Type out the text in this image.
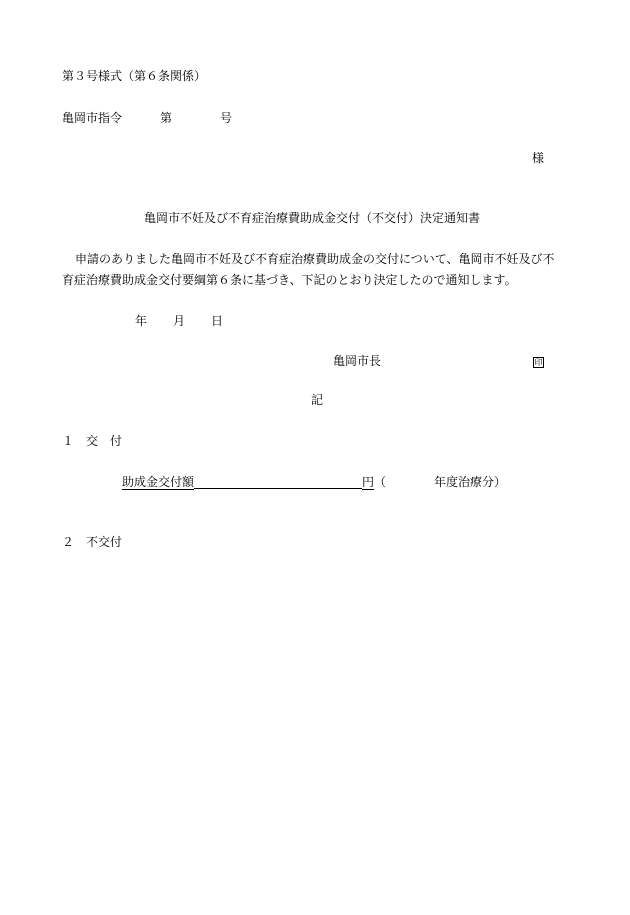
第３号様式（第６条関係）
亀岡市指令	第	号
様
亀岡市不妊及び不育症治療費助成金交付（不交付）決定通知書
申請のありました亀岡市不妊及び不育症治療費助成金の交付について、亀岡市不妊及び不
育症治療費助成金交付要綱第６条に基づき、下記のとおり決定したので通知します。
年 月 日
亀岡市長	印
記
１　交　付
助成金交付額	円（	年度治療分）
２　不交付
